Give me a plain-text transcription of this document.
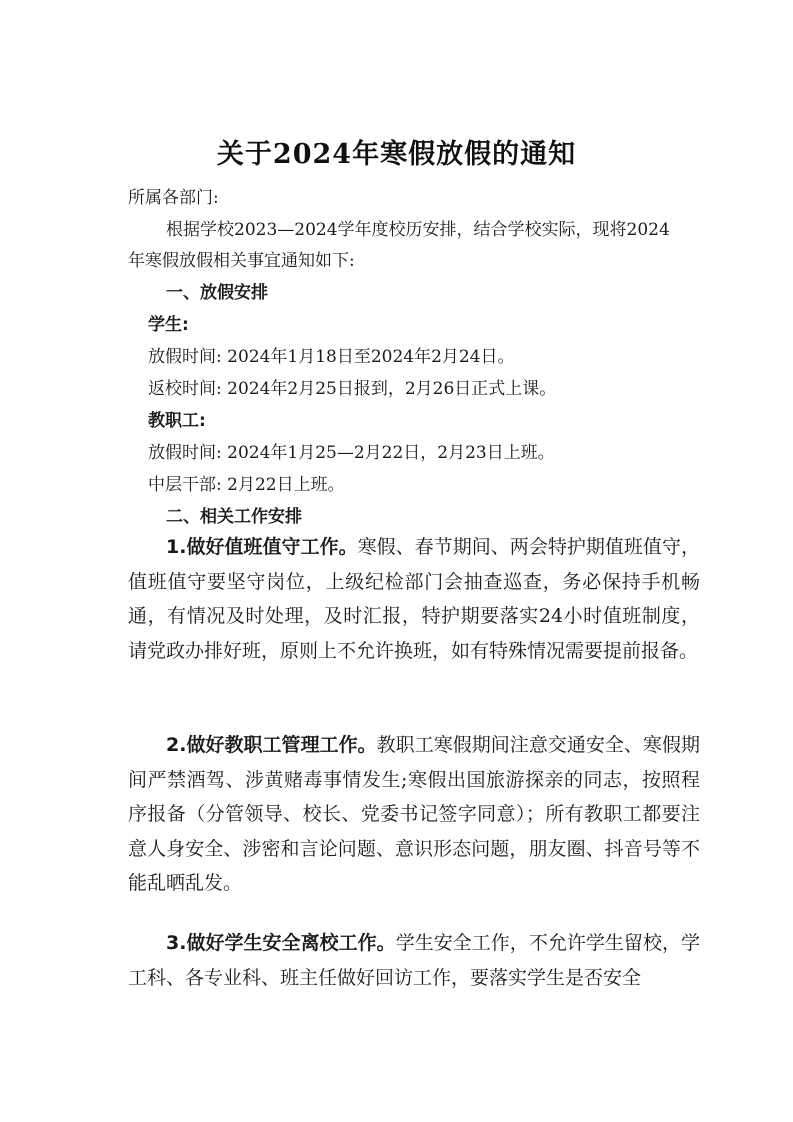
关于2024年寒假放假的通知
所属各部门:
根据学校2023—2024学年度校历安排，结合学校实际，现将2024
年寒假放假相关事宜通知如下:
一、放假安排
学生:
放假时间: 2024年1月18日至2024年2月24日。
返校时间: 2024年2月25日报到，2月26日正式上课。
教职工:
放假时间: 2024年1月25—2月22日，2月23日上班。
中层干部: 2月22日上班。
二、相关工作安排
1.做好值班值守工作。寒假、春节期间、两会特护期值班值守，值班值守要坚守岗位，上级纪检部门会抽查巡查，务必保持手机畅通，有情况及时处理，及时汇报，特护期要落实24小时值班制度，请党政办排好班，原则上不允许换班，如有特殊情况需要提前报备。
2.做好教职工管理工作。教职工寒假期间注意交通安全、寒假期间严禁酒驾、涉黄赌毒事情发生;寒假出国旅游探亲的同志，按照程序报备（分管领导、校长、党委书记签字同意）；所有教职工都要注意人身安全、涉密和言论问题、意识形态问题，朋友圈、抖音号等不能乱晒乱发。
3.做好学生安全离校工作。学生安全工作，不允许学生留校，学工科、各专业科、班主任做好回访工作，要落实学生是否安全
